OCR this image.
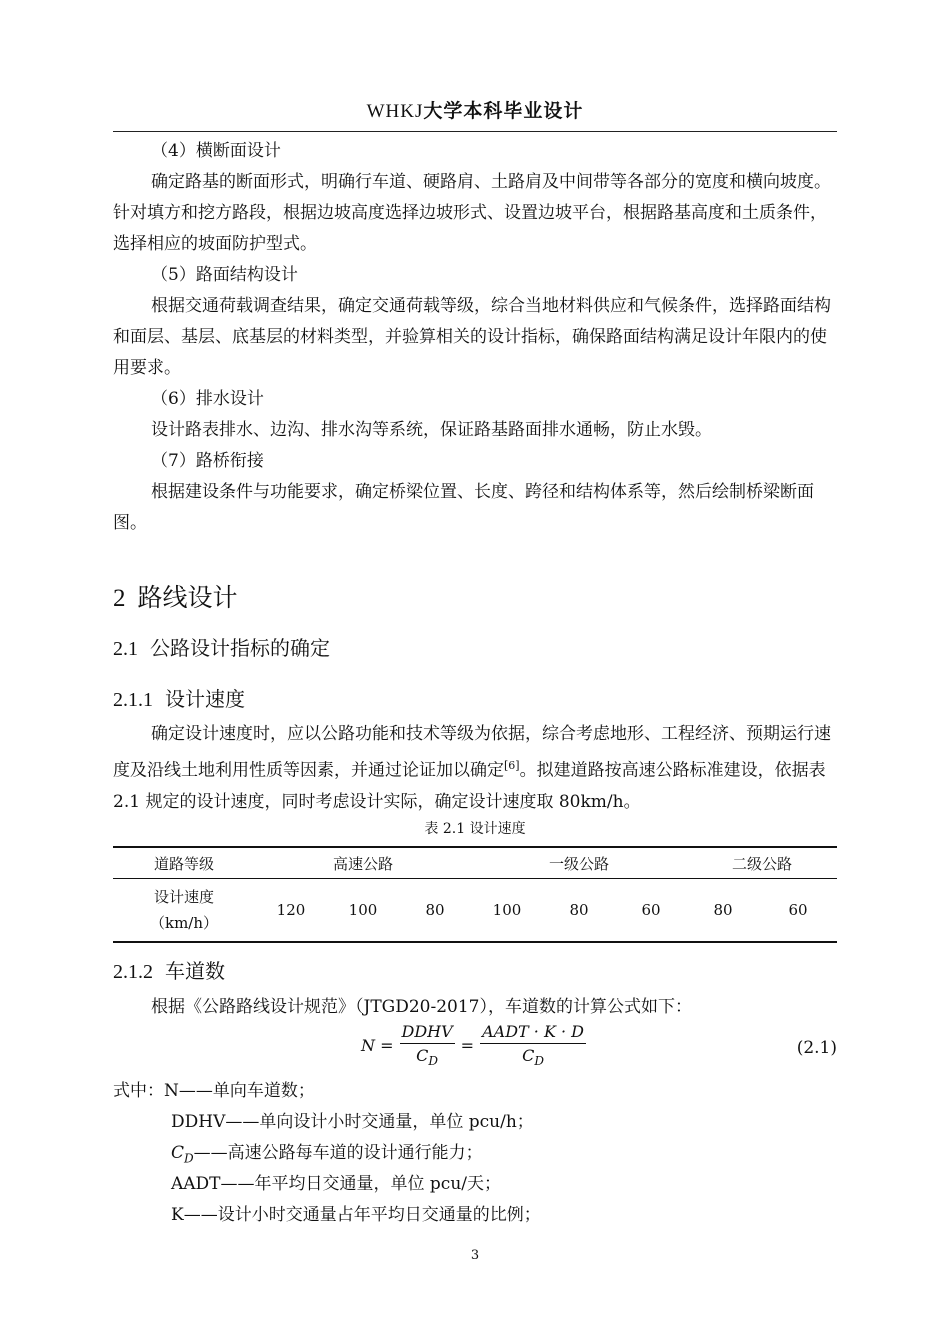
WHKJ大学本科毕业设计

（4）横断面设计

确定路基的断面形式，明确行车道、硬路肩、土路肩及中间带等各部分的宽度和横向坡度。针对填方和挖方路段，根据边坡高度选择边坡形式、设置边坡平台，根据路基高度和土质条件，选择相应的坡面防护型式。

（5）路面结构设计

根据交通荷载调查结果，确定交通荷载等级，综合当地材料供应和气候条件，选择路面结构和面层、基层、底基层的材料类型，并验算相关的设计指标，确保路面结构满足设计年限内的使用要求。

（6）排水设计

设计路表排水、边沟、排水沟等系统，保证路基路面排水通畅，防止水毁。

（7）路桥衔接

根据建设条件与功能要求，确定桥梁位置、长度、跨径和结构体系等，然后绘制桥梁断面图。

2 路线设计
2.1 公路设计指标的确定
2.1.1 设计速度

确定设计速度时，应以公路功能和技术等级为依据，综合考虑地形、工程经济、预期运行速度及沿线土地利用性质等因素，并通过论证加以确定[6]。拟建道路按高速公路标准建设，依据表 2.1 规定的设计速度，同时考虑设计实际，确定设计速度取 80km/h。

表 2.1 设计速度
道路等级	高速公路			一级公路			二级公路	

设计速度
（km/h）	120	100	80	100	80	60	80	60
2.1.2 车道数

根据《公路路线设计规范》（JTGD20-2017），车道数的计算公式如下：

$N = \frac{\text{DDHV}}{C_D} = \frac{\text{AADT · K · D}}{C_D}$	(2.1)
式中：N——单向车道数；
DDHV——单向设计小时交通量，单位 pcu/h；
$C_D——$高速公路每车道的设计通行能力；
AADT——年平均日交通量，单位 pcu/天；
K——设计小时交通量占年平均日交通量的比例；
3
